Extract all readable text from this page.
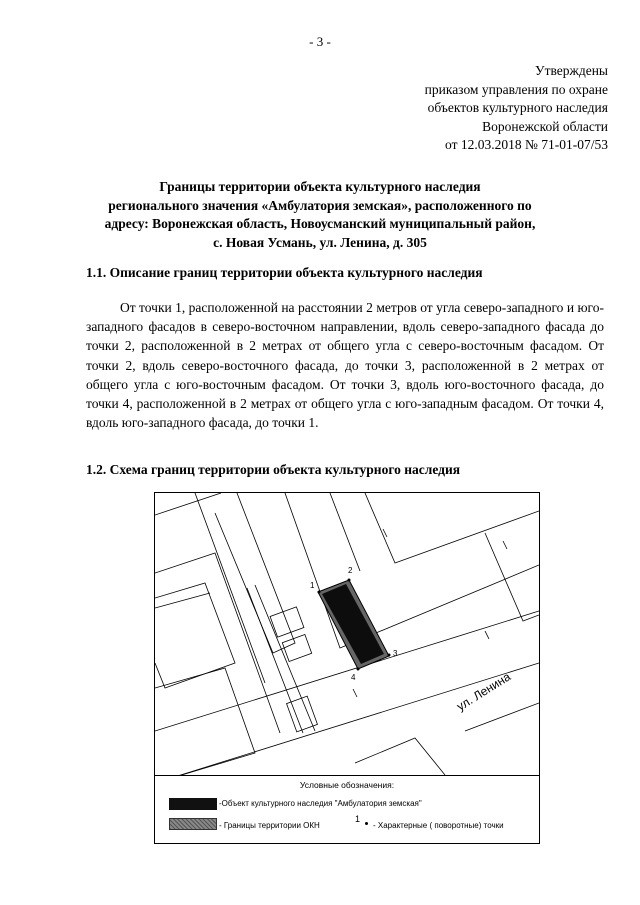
- 3 -
Утверждены
приказом управления по охране
объектов культурного наследия
Воронежской области
от 12.03.2018 № 71-01-07/53
Границы территории объекта культурного наследия
регионального значения «Амбулатория земская», расположенного по
адресу: Воронежская область, Новоусманский муниципальный район,
с. Новая Усмань, ул. Ленина, д. 305
1.1. Описание границ территории объекта культурного наследия
От точки 1, расположенной на расстоянии 2 метров от угла северо-западного и юго-западного фасадов в северо-восточном направлении, вдоль северо-западного фасада до точки 2, расположенной в 2 метрах от общего угла с северо-восточным фасадом. От точки 2, вдоль северо-восточного фасада, до точки 3, расположенной в 2 метрах от общего угла с юго-восточным фасадом. От точки 3, вдоль юго-восточного фасада, до точки 4, расположенной в 2 метрах от общего угла с юго-западным фасадом. От точки 4, вдоль юго-западного фасада, до точки 1.
1.2. Схема границ территории объекта культурного наследия
1
2
3
4	ул. Ленина
Условные обозначения:
-Объект культурного наследия "Амбулатория земская"
- Границы территории ОКН
1
- Характерные ( поворотные) точки
